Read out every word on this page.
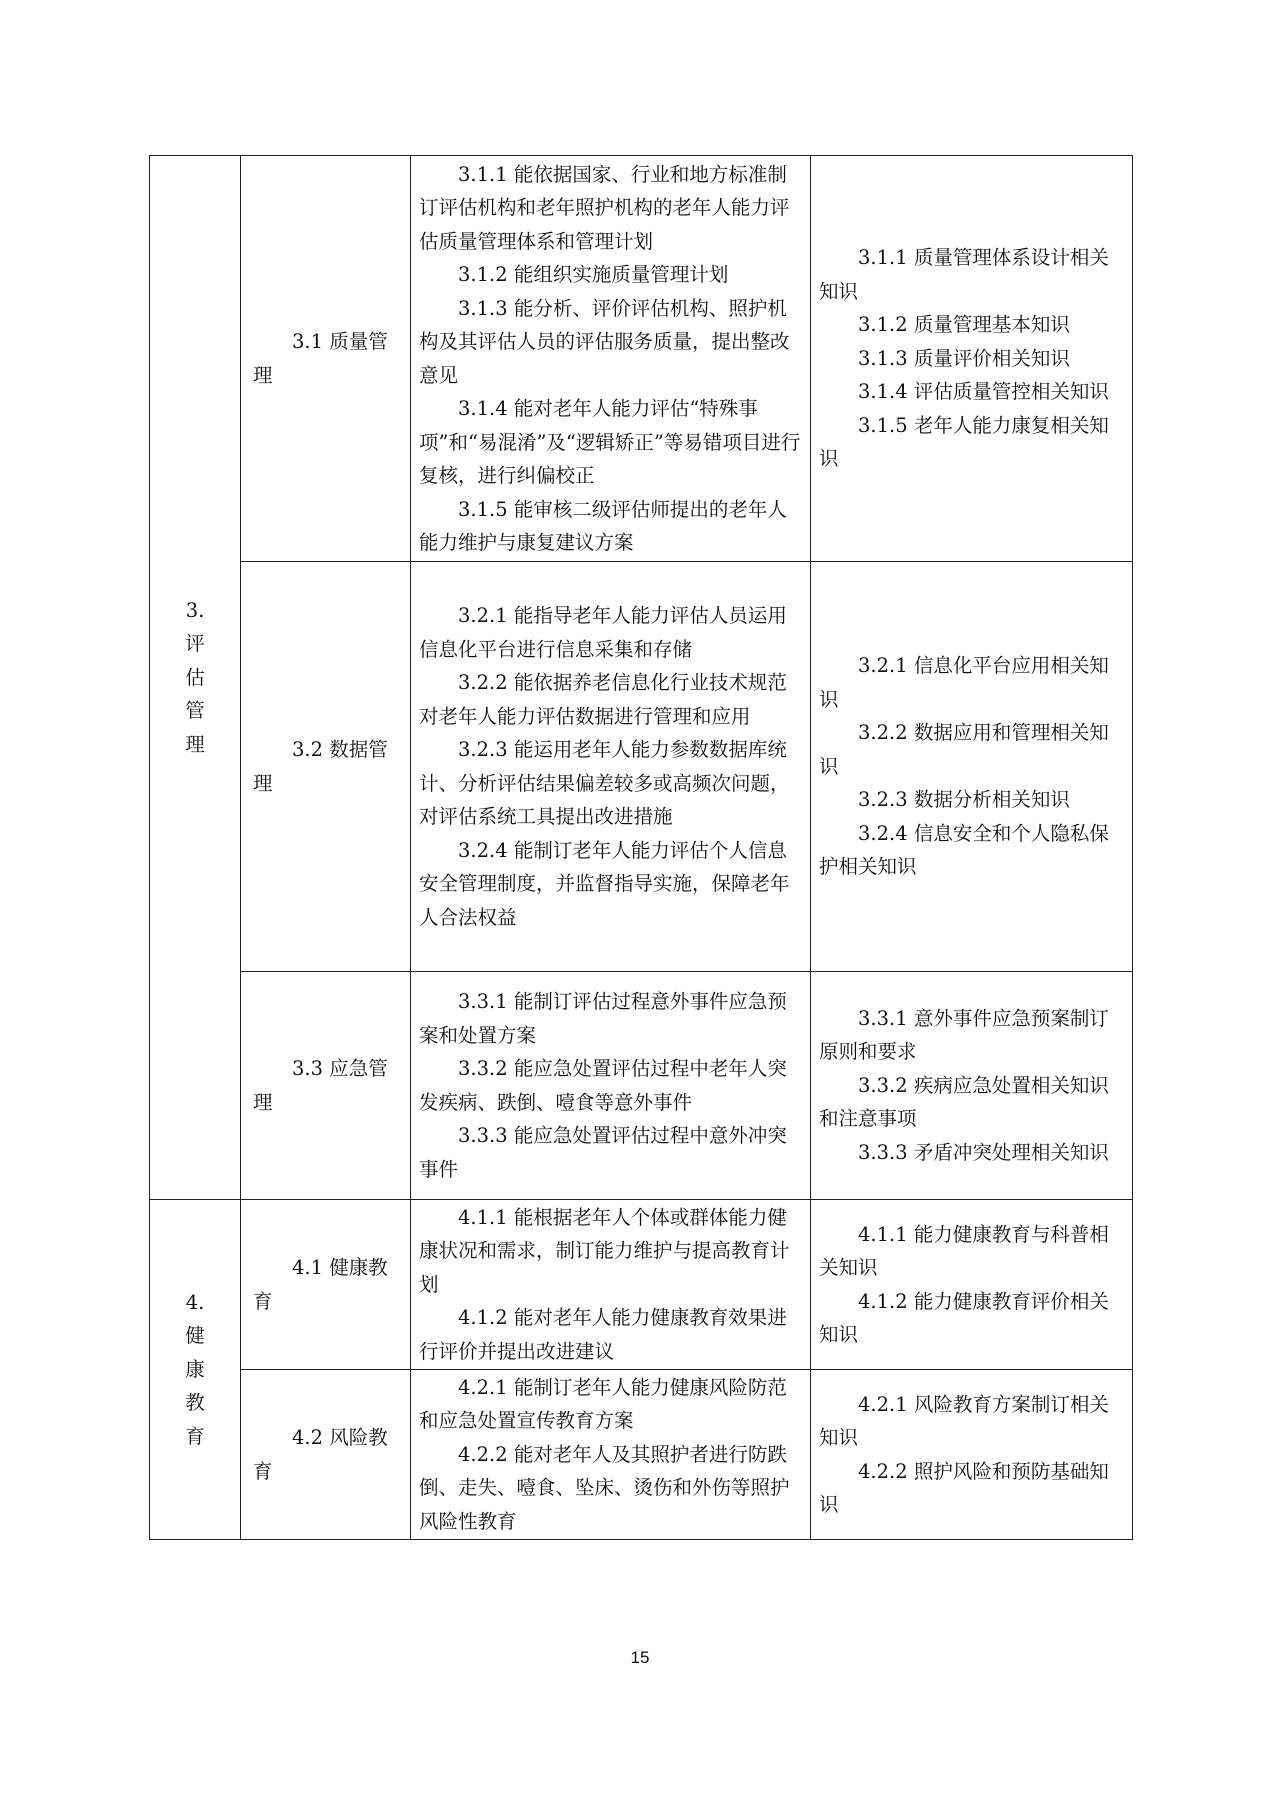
3.
评
估
管
理	3.1 质量管理	3.1.1 能依据国家、行业和地方标准制订评估机构和老年照护机构的老年人能力评估质量管理体系和管理计划
3.1.2 能组织实施质量管理计划
3.1.3 能分析、评价评估机构、照护机构及其评估人员的评估服务质量，提出整改意见
3.1.4 能对老年人能力评估“特殊事项”和“易混淆”及“逻辑矫正”等易错项目进行复核，进行纠偏校正
3.1.5 能审核二级评估师提出的老年人能力维护与康复建议方案	3.1.1 质量管理体系设计相关知识
3.1.2 质量管理基本知识
3.1.3 质量评价相关知识
3.1.4 评估质量管控相关知识
3.1.5 老年人能力康复相关知识

	3.2 数据管理	3.2.1 能指导老年人能力评估人员运用信息化平台进行信息采集和存储
3.2.2 能依据养老信息化行业技术规范对老年人能力评估数据进行管理和应用
3.2.3 能运用老年人能力参数数据库统计、分析评估结果偏差较多或高频次问题，对评估系统工具提出改进措施
3.2.4 能制订老年人能力评估个人信息安全管理制度，并监督指导实施，保障老年人合法权益	3.2.1 信息化平台应用相关知识
3.2.2 数据应用和管理相关知识
3.2.3 数据分析相关知识
3.2.4 信息安全和个人隐私保护相关知识

	3.3 应急管理	3.3.1 能制订评估过程意外事件应急预案和处置方案
3.3.2 能应急处置评估过程中老年人突发疾病、跌倒、噎食等意外事件
3.3.3 能应急处置评估过程中意外冲突事件	3.3.1 意外事件应急预案制订原则和要求
3.3.2 疾病应急处置相关知识和注意事项
3.3.3 矛盾冲突处理相关知识

4.
健
康
教
育	4.1 健康教育	4.1.1 能根据老年人个体或群体能力健康状况和需求，制订能力维护与提高教育计划
4.1.2 能对老年人能力健康教育效果进行评价并提出改进建议	4.1.1 能力健康教育与科普相关知识
4.1.2 能力健康教育评价相关知识

	4.2 风险教育	4.2.1 能制订老年人能力健康风险防范和应急处置宣传教育方案
4.2.2 能对老年人及其照护者进行防跌倒、走失、噎食、坠床、烫伤和外伤等照护风险性教育	4.2.1 风险教育方案制订相关知识
4.2.2 照护风险和预防基础知识
15
